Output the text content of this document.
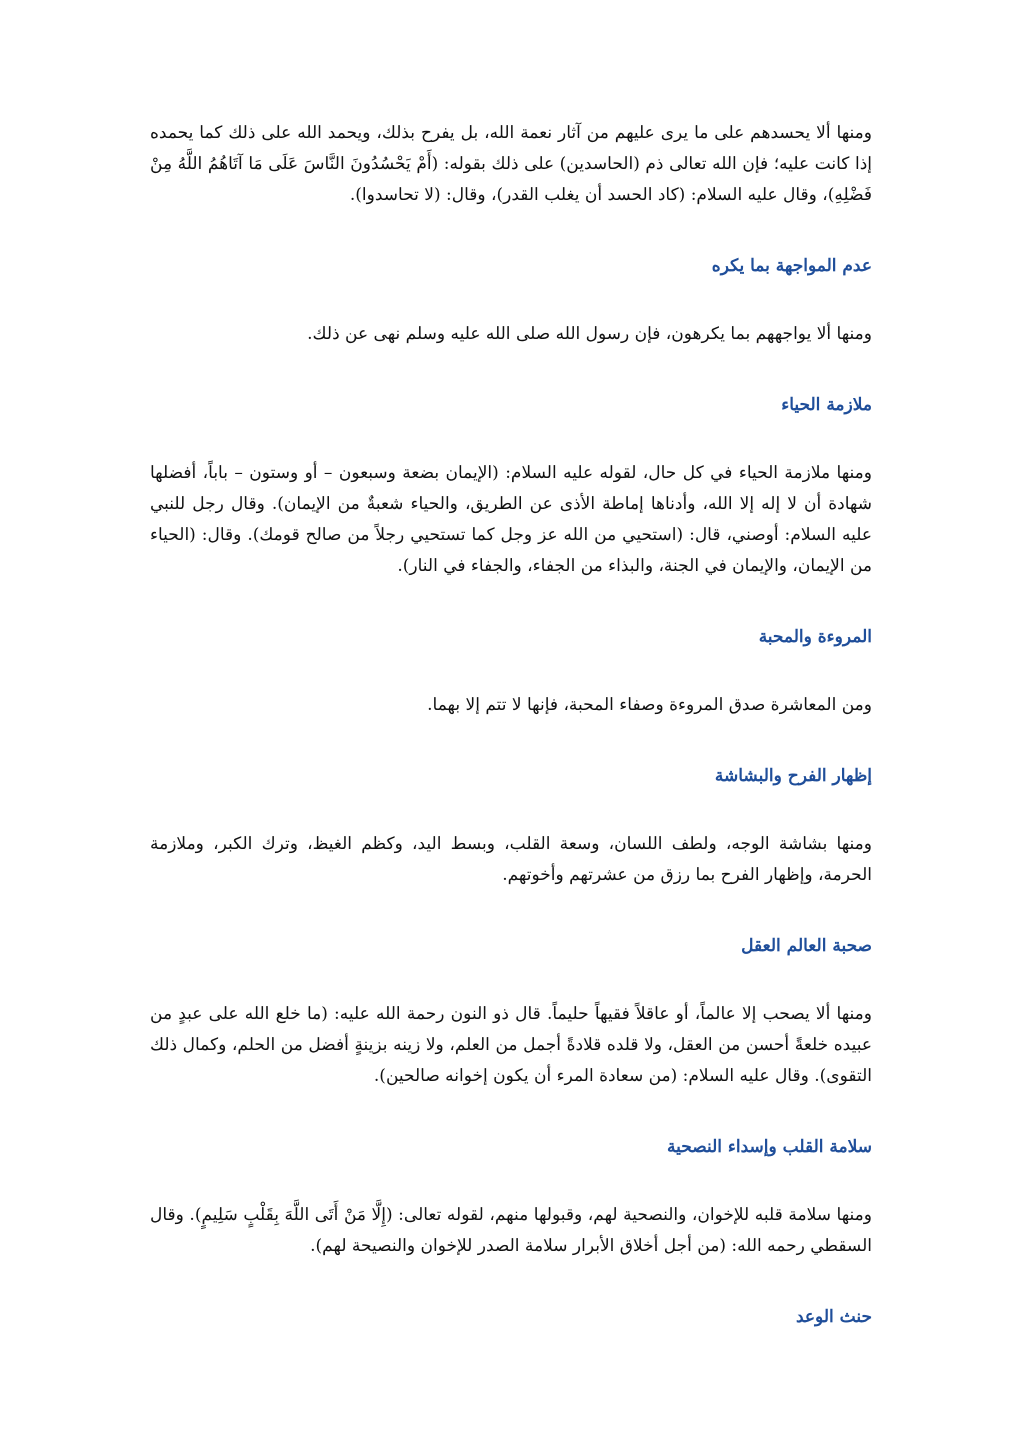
ومنها ألا يحسدهم على ما يرى عليهم من آثار نعمة الله، بل يفرح بذلك، ويحمد الله على ذلك كما يحمده إذا كانت عليه؛ فإن الله تعالى ذم (الحاسدين) على ذلك بقوله: (أَمْ يَحْسُدُونَ النَّاسَ عَلَى مَا آتَاهُمُ اللَّهُ مِنْ فَضْلِهِ)، وقال عليه السلام: (كاد الحسد أن يغلب القدر)، وقال: (لا تحاسدوا).

عدم المواجهة بما يكره

ومنها ألا يواجههم بما يكرهون، فإن رسول الله صلى الله عليه وسلم نهى عن ذلك.

ملازمة الحياء

ومنها ملازمة الحياء في كل حال، لقوله عليه السلام: (الإيمان بضعة وسبعون – أو وستون – باباً، أفضلها شهادة أن لا إله إلا الله، وأدناها إماطة الأذى عن الطريق، والحياء شعبةٌ من الإيمان). وقال رجل للنبي عليه السلام: أوصني، قال: (استحيي من الله عز وجل كما تستحيي رجلاً من صالح قومك). وقال: (الحياء من الإيمان، والإيمان في الجنة، والبذاء من الجفاء، والجفاء في النار).

المروءة والمحبة

ومن المعاشرة صدق المروءة وصفاء المحبة، فإنها لا تتم إلا بهما.

إظهار الفرح والبشاشة

ومنها بشاشة الوجه، ولطف اللسان، وسعة القلب، وبسط اليد، وكظم الغيظ، وترك الكبر، وملازمة الحرمة، وإظهار الفرح بما رزق من عشرتهم وأخوتهم.

صحبة العالم العقل

ومنها ألا يصحب إلا عالماً، أو عاقلاً فقيهاً حليماً. قال ذو النون رحمة الله عليه: (ما خلع الله على عبدٍ من عبيده خلعةً أحسن من العقل، ولا قلده قلادةً أجمل من العلم، ولا زينه بزينةٍ أفضل من الحلم، وكمال ذلك التقوى). وقال عليه السلام: (من سعادة المرء أن يكون إخوانه صالحين).

سلامة القلب وإسداء النصحية

ومنها سلامة قلبه للإخوان، والنصحية لهم، وقبولها منهم، لقوله تعالى: (إِلَّا مَنْ أَتَى اللَّهَ بِقَلْبٍ سَلِيمٍ). وقال السقطي رحمه الله: (من أجل أخلاق الأبرار سلامة الصدر للإخوان والنصيحة لهم).

حنث الوعد
